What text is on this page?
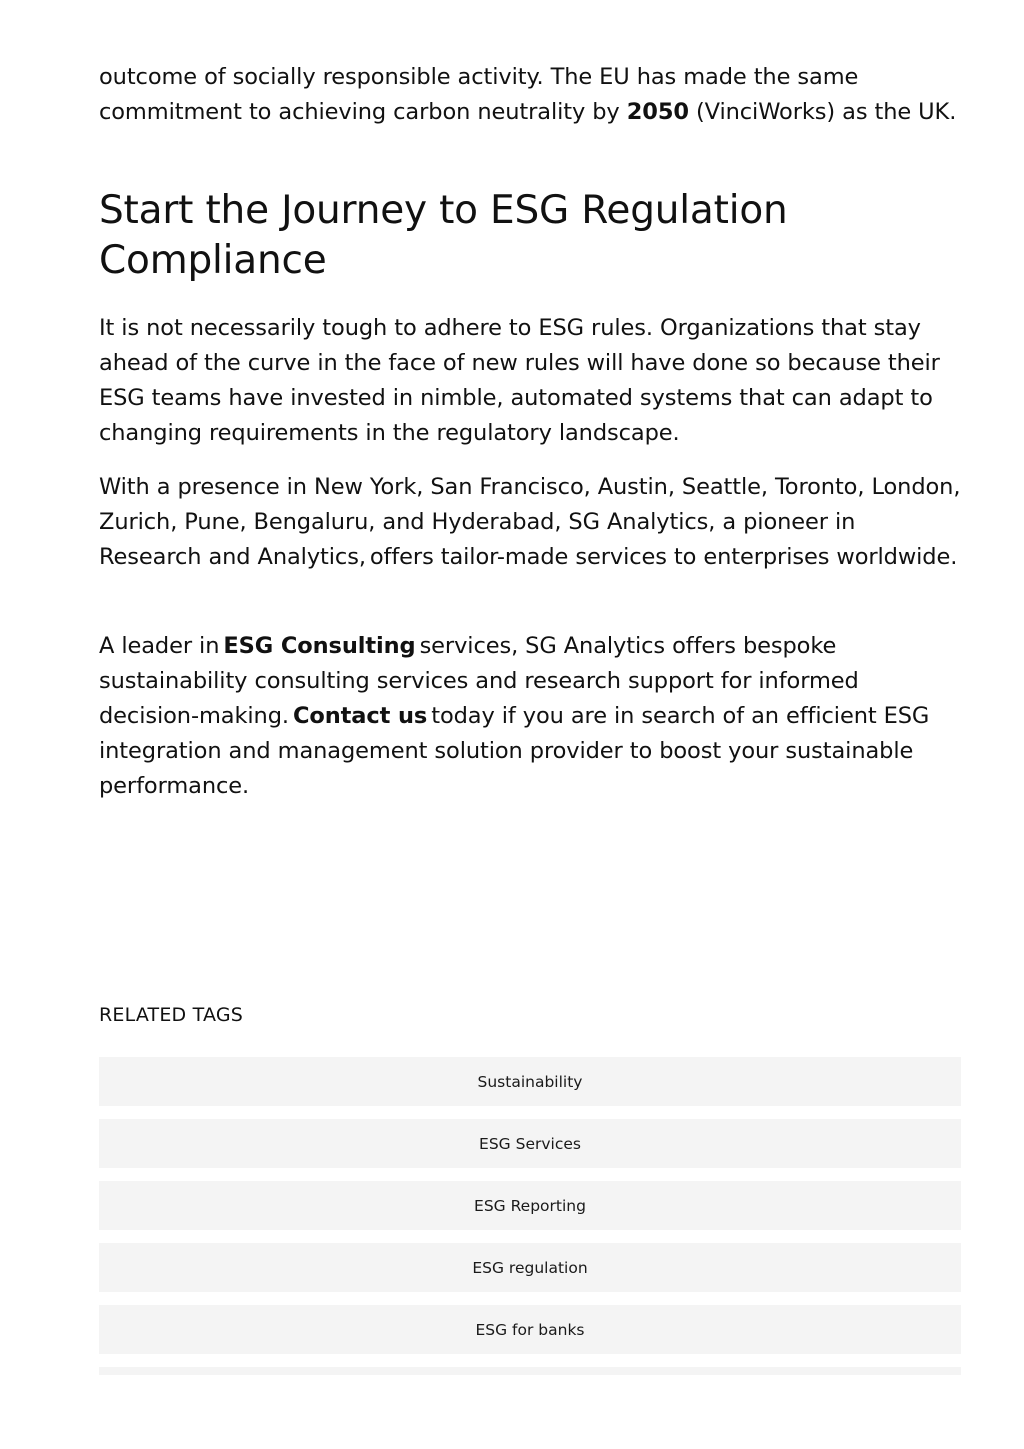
outcome of socially responsible activity. The EU has made the same commitment to achieving carbon neutrality by 2050 (VinciWorks) as the UK.

Start the Journey to ESG Regulation Compliance

It is not necessarily tough to adhere to ESG rules. Organizations that stay ahead of the curve in the face of new rules will have done so because their ESG teams have invested in nimble, automated systems that can adapt to changing requirements in the regulatory landscape.

With a presence in New York, San Francisco, Austin, Seattle, Toronto, London, Zurich, Pune, Bengaluru, and Hyderabad, SG Analytics, a pioneer in Research and Analytics, offers tailor-made services to enterprises worldwide.

A leader in ESG Consulting services, SG Analytics offers bespoke sustainability consulting services and research support for informed decision-making. Contact us today if you are in search of an efficient ESG integration and management solution provider to boost your sustainable performance.

RELATED TAGS

Sustainability
ESG Services
ESG Reporting
ESG regulation
ESG for banks
